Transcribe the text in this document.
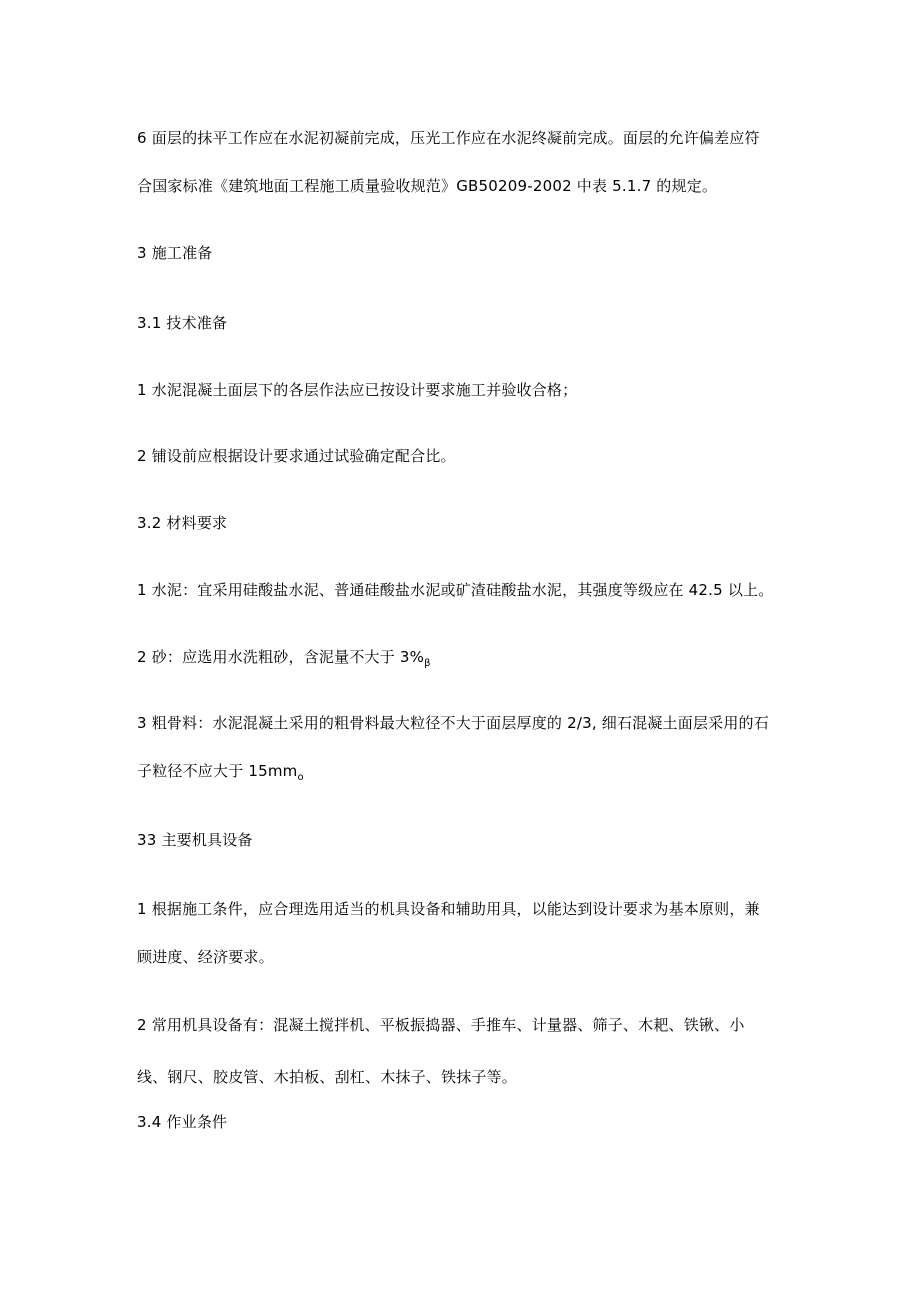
6 面层的抹平工作应在水泥初凝前完成，压光工作应在水泥终凝前完成。面层的允许偏差应符
合国家标准《建筑地面工程施工质量验收规范》GB50209-2002 中表 5.1.7 的规定。
3 施工准备
3.1 技术准备
1 水泥混凝土面层下的各层作法应已按设计要求施工并验收合格；
2 铺设前应根据设计要求通过试验确定配合比。
3.2 材料要求
1 水泥：宜采用硅酸盐水泥、普通硅酸盐水泥或矿渣硅酸盐水泥，其强度等级应在 42.5 以上。
2 砂：应选用水洗粗砂，含泥量不大于 $3\%_\beta$
3 粗骨料：水泥混凝土采用的粗骨料最大粒径不大于面层厚度的 2/3, 细石混凝土面层采用的石
子粒径不应大于 $15mm_o$
33 主要机具设备
1 根据施工条件，应合理选用适当的机具设备和辅助用具，以能达到设计要求为基本原则，兼
顾进度、经济要求。
2 常用机具设备有：混凝土搅拌机、平板振捣器、手推车、计量器、筛子、木耙、铁锹、小
线、钢尺、胶皮管、木拍板、刮杠、木抹子、铁抹子等。
3.4 作业条件
